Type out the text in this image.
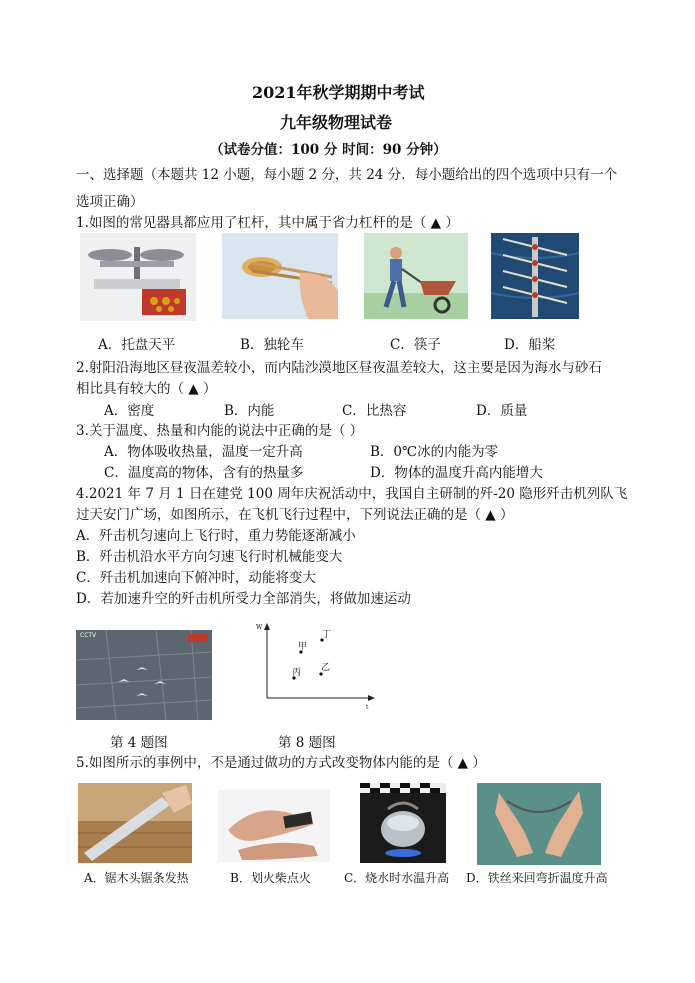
2021年秋学期期中考试
九年级物理试卷
（试卷分值：100 分 时间：90 分钟）
一、选择题（本题共 12 小题，每小题 2 分，共 24 分．每小题给出的四个选项中只有一个
选项正确）
1.如图的常见器具都应用了杠杆，其中属于省力杠杆的是（ ▲ ）
A．托盘天平	B．独轮车	C．筷子	D．船桨
2.射阳沿海地区昼夜温差较小，而内陆沙漠地区昼夜温差较大，这主要是因为海水与砂石
相比具有较大的（ ▲ ）
A．密度	B．内能	C．比热容	D．质量
3.关于温度、热量和内能的说法中正确的是（ ）
A．物体吸收热量，温度一定升高	B．0℃冰的内能为零
C．温度高的物体，含有的热量多	D．物体的温度升高内能增大
4.2021 年 7 月 1 日在建党 100 周年庆祝活动中，我国自主研制的歼-20 隐形歼击机列队飞
过天安门广场，如图所示，在飞机飞行过程中，下列说法正确的是（ ▲ ）
A．歼击机匀速向上飞行时，重力势能逐渐减小
B．歼击机沿水平方向匀速飞行时机械能变大
C．歼击机加速向下俯冲时，动能将变大
D．若加速升空的歼击机所受力全部消失，将做加速运动
CCTV
W
t
甲
丁
丙 乙
第 4 题图	第 8 题图
5.如图所示的事例中，不是通过做功的方式改变物体内能的是（ ▲ ）
A．锯木头锯条发热	B．划火柴点火	C．烧水时水温升高 D．铁丝来回弯折温度升高
